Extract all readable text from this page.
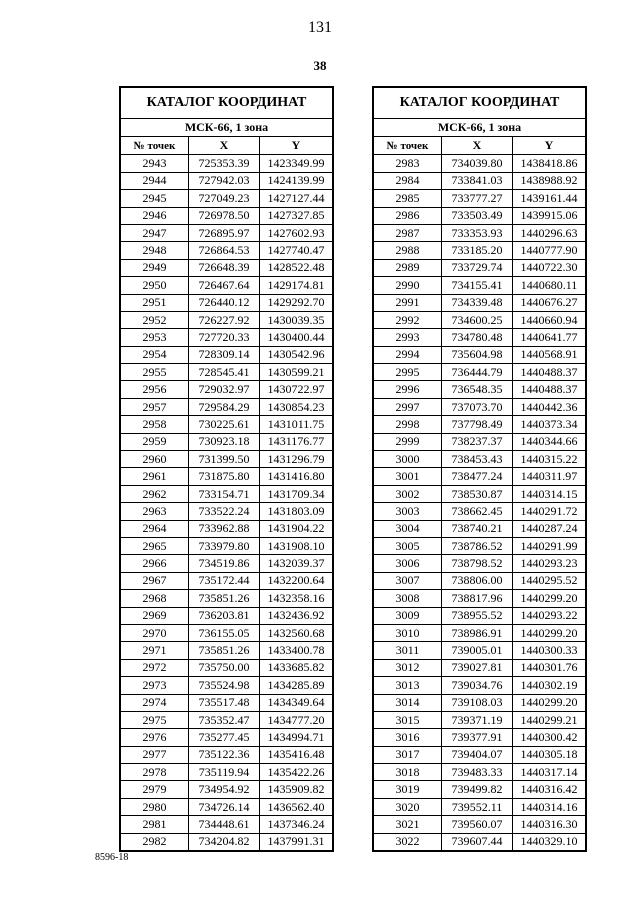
131
38
КАТАЛОГ КООРДИНАТ
МСК-66, 1 зона
№ точек	X	Y
2943	725353.39	1423349.99
2944	727942.03	1424139.99
2945	727049.23	1427127.44
2946	726978.50	1427327.85
2947	726895.97	1427602.93
2948	726864.53	1427740.47
2949	726648.39	1428522.48
2950	726467.64	1429174.81
2951	726440.12	1429292.70
2952	726227.92	1430039.35
2953	727720.33	1430400.44
2954	728309.14	1430542.96
2955	728545.41	1430599.21
2956	729032.97	1430722.97
2957	729584.29	1430854.23
2958	730225.61	1431011.75
2959	730923.18	1431176.77
2960	731399.50	1431296.79
2961	731875.80	1431416.80
2962	733154.71	1431709.34
2963	733522.24	1431803.09
2964	733962.88	1431904.22
2965	733979.80	1431908.10
2966	734519.86	1432039.37
2967	735172.44	1432200.64
2968	735851.26	1432358.16
2969	736203.81	1432436.92
2970	736155.05	1432560.68
2971	735851.26	1433400.78
2972	735750.00	1433685.82
2973	735524.98	1434285.89
2974	735517.48	1434349.64
2975	735352.47	1434777.20
2976	735277.45	1434994.71
2977	735122.36	1435416.48
2978	735119.94	1435422.26
2979	734954.92	1435909.82
2980	734726.14	1436562.40
2981	734448.61	1437346.24
2982	734204.82	1437991.31
КАТАЛОГ КООРДИНАТ
МСК-66, 1 зона
№ точек	X	Y
2983	734039.80	1438418.86
2984	733841.03	1438988.92
2985	733777.27	1439161.44
2986	733503.49	1439915.06
2987	733353.93	1440296.63
2988	733185.20	1440777.90
2989	733729.74	1440722.30
2990	734155.41	1440680.11
2991	734339.48	1440676.27
2992	734600.25	1440660.94
2993	734780.48	1440641.77
2994	735604.98	1440568.91
2995	736444.79	1440488.37
2996	736548.35	1440488.37
2997	737073.70	1440442.36
2998	737798.49	1440373.34
2999	738237.37	1440344.66
3000	738453.43	1440315.22
3001	738477.24	1440311.97
3002	738530.87	1440314.15
3003	738662.45	1440291.72
3004	738740.21	1440287.24
3005	738786.52	1440291.99
3006	738798.52	1440293.23
3007	738806.00	1440295.52
3008	738817.96	1440299.20
3009	738955.52	1440293.22
3010	738986.91	1440299.20
3011	739005.01	1440300.33
3012	739027.81	1440301.76
3013	739034.76	1440302.19
3014	739108.03	1440299.20
3015	739371.19	1440299.21
3016	739377.91	1440300.42
3017	739404.07	1440305.18
3018	739483.33	1440317.14
3019	739499.82	1440316.42
3020	739552.11	1440314.16
3021	739560.07	1440316.30
3022	739607.44	1440329.10
8596-18
